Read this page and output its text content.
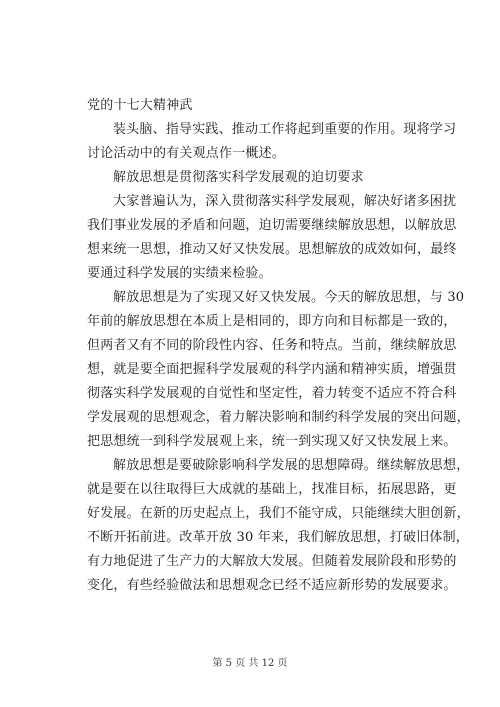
党的十七大精神武
装头脑、指导实践、推动工作将起到重要的作用。现将学习
讨论活动中的有关观点作一概述。
解放思想是贯彻落实科学发展观的迫切要求
大家普遍认为，深入贯彻落实科学发展观，解决好诸多困扰
我们事业发展的矛盾和问题，迫切需要继续解放思想，以解放思
想来统一思想，推动又好又快发展。思想解放的成效如何，最终
要通过科学发展的实绩来检验。
解放思想是为了实现又好又快发展。今天的解放思想，与 30
年前的解放思想在本质上是相同的，即方向和目标都是一致的，
但两者又有不同的阶段性内容、任务和特点。当前，继续解放思
想，就是要全面把握科学发展观的科学内涵和精神实质，增强贯
彻落实科学发展观的自觉性和坚定性，着力转变不适应不符合科
学发展观的思想观念，着力解决影响和制约科学发展的突出问题，
把思想统一到科学发展观上来，统一到实现又好又快发展上来。
解放思想是要破除影响科学发展的思想障碍。继续解放思想，
就是要在以往取得巨大成就的基础上，找准目标，拓展思路，更
好发展。在新的历史起点上，我们不能守成，只能继续大胆创新，
不断开拓前进。改革开放 30 年来，我们解放思想，打破旧体制，
有力地促进了生产力的大解放大发展。但随着发展阶段和形势的
变化，有些经验做法和思想观念已经不适应新形势的发展要求。
第 5 页 共 12 页
